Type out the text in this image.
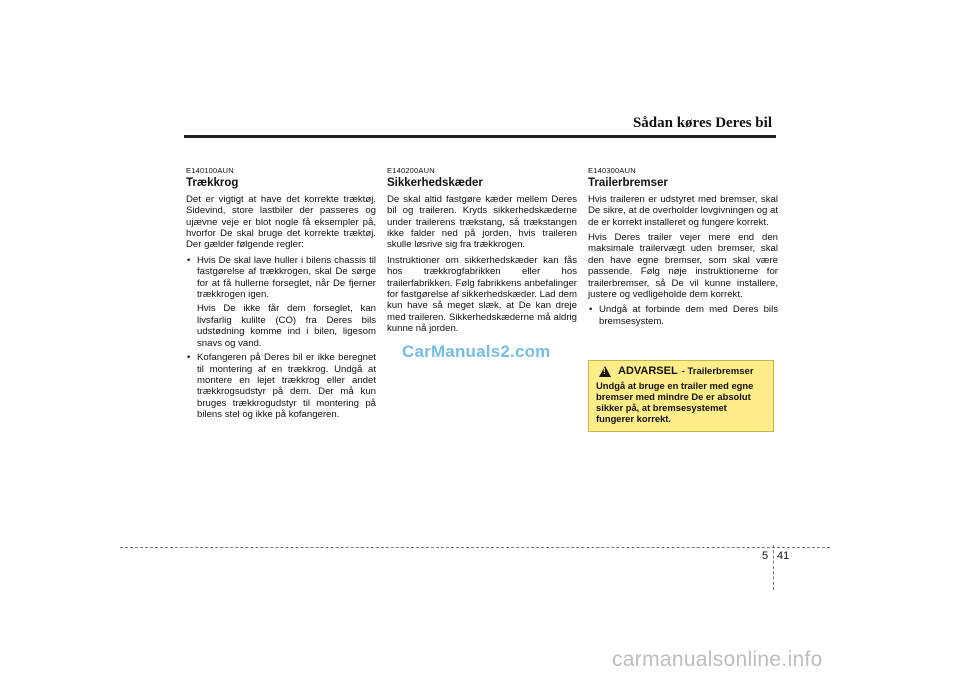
Sådan køres Deres bil
E140100AUN
Trækkrog

Det er vigtigt at have det korrekte træktøj. Sidevind, store lastbiler der passeres og ujævne veje er blot nogle få eksempler på, hvorfor De skal bruge det korrekte træktøj. Der gælder følgende regler:

• Hvis De skal lave huller i bilens chassis til fastgørelse af trækkrogen, skal De sørge for at få hullerne forseglet, når De fjerner trækkrogen igen.
Hvis De ikke får dem forseglet, kan livsfarlig kulilte (CO) fra Deres bils udstødning komme ind i bilen, ligesom snavs og vand.
• Kofangeren på Deres bil er ikke beregnet til montering af en trækkrog. Undgå at montere en lejet trækkrog eller andet trækkrogsudstyr på dem. Der må kun bruges trækkrogudstyr til montering på bilens stel og ikke på kofangeren.
E140200AUN
Sikkerhedskæder

De skal altid fastgøre kæder mellem Deres bil og traileren. Kryds sikkerhedskæderne under trailerens trækstang, så trækstangen ikke falder ned på jorden, hvis traileren skulle løsrive sig fra trækkrogen.

Instruktioner om sikkerhedskæder kan fås hos trækkrogfabrikken eller hos trailerfabrikken. Følg fabrikkens anbefalinger for fastgørelse af sikkerhedskæder. Lad dem kun have så meget slæk, at De kan dreje med traileren. Sikkerhedskæderne må aldrig kunne nå jorden.

E140300AUN
Trailerbremser

Hvis traileren er udstyret med bremser, skal De sikre, at de overholder lovgivningen og at de er korrekt installeret og fungere korrekt.

Hvis Deres trailer vejer mere end den maksimale trailervægt uden bremser, skal den have egne bremser, som skal være passende. Følg nøje instruktionerne for trailerbremser, så De vil kunne installere, justere og vedligeholde dem korrekt.

• Undgå at forbinde dem med Deres bils bremsesystem.
!
ADVARSEL - Trailerbremser
Undgå at bruge en trailer med egne bremser med mindre De er absolut sikker på, at bremsesystemet fungerer korrekt.
CarManuals2.com
5 41
carmanualsonline.info
